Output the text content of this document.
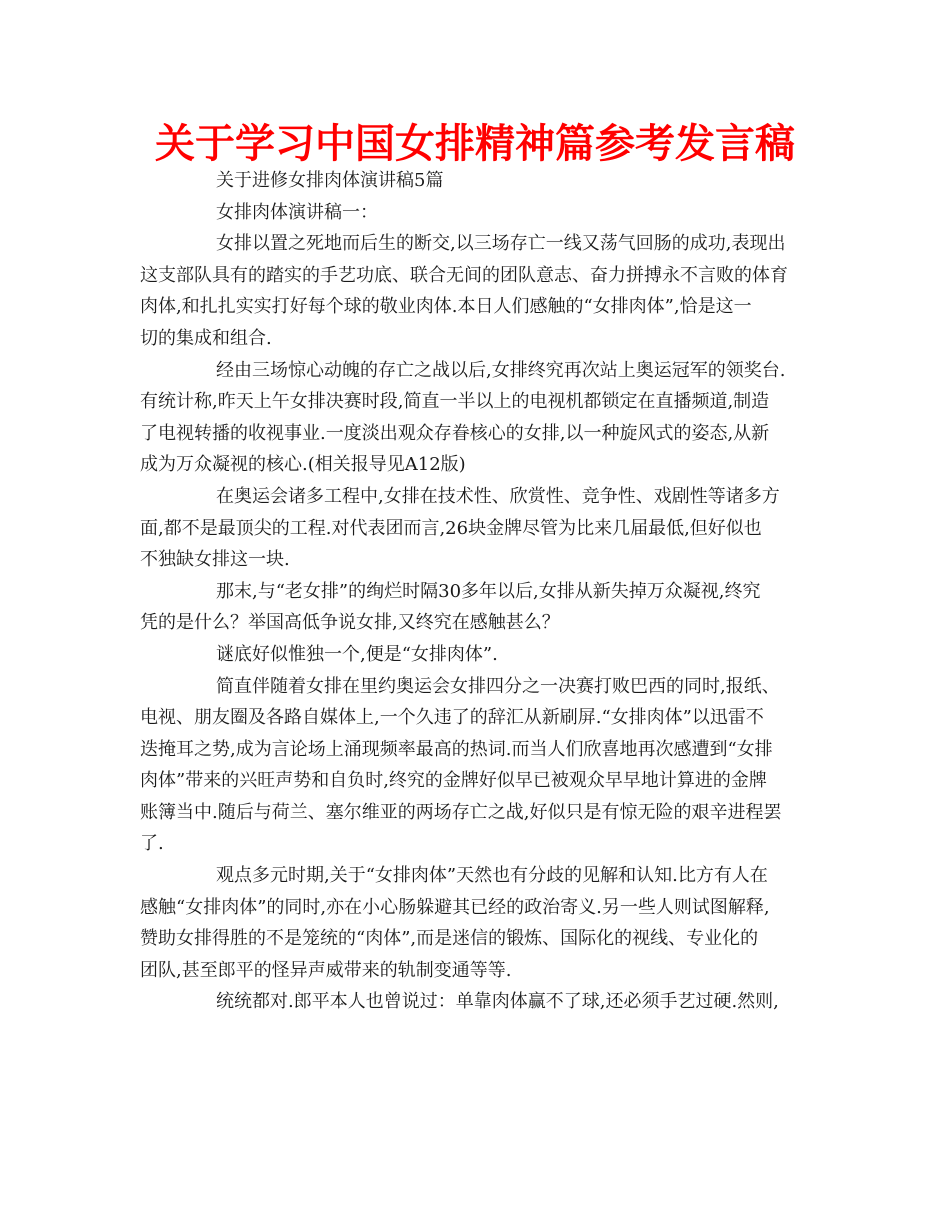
关于学习中国女排精神篇参考发言稿
关于进修女排肉体演讲稿5篇
女排肉体演讲稿一：
女排以置之死地而后生的断交,以三场存亡一线又荡气回肠的成功,表现出
这支部队具有的踏实的手艺功底、联合无间的团队意志、奋力拼搏永不言败的体育
肉体,和扎扎实实打好每个球的敬业肉体.本日人们感触的“女排肉体”,恰是这一
切的集成和组合.
经由三场惊心动魄的存亡之战以后,女排终究再次站上奥运冠军的领奖台.
有统计称,昨天上午女排决赛时段,简直一半以上的电视机都锁定在直播频道,制造
了电视转播的收视事业.一度淡出观众存眷核心的女排,以一种旋风式的姿态,从新
成为万众凝视的核心.(相关报导见A12版)
在奥运会诸多工程中,女排在技术性、欣赏性、竞争性、戏剧性等诸多方
面,都不是最顶尖的工程.对代表团而言,26块金牌尽管为比来几届最低,但好似也
不独缺女排这一块.
那末,与“老女排”的绚烂时隔30多年以后,女排从新失掉万众凝视,终究
凭的是什么？举国高低争说女排,又终究在感触甚么？
谜底好似惟独一个,便是“女排肉体”.
简直伴随着女排在里约奥运会女排四分之一决赛打败巴西的同时,报纸、
电视、朋友圈及各路自媒体上,一个久违了的辞汇从新刷屏.“女排肉体”以迅雷不
迭掩耳之势,成为言论场上涌现频率最高的热词.而当人们欣喜地再次感遭到“女排
肉体”带来的兴旺声势和自负时,终究的金牌好似早已被观众早早地计算进的金牌
账簿当中.随后与荷兰、塞尔维亚的两场存亡之战,好似只是有惊无险的艰辛进程罢
了.
观点多元时期,关于“女排肉体”天然也有分歧的见解和认知.比方有人在
感触“女排肉体”的同时,亦在小心肠躲避其已经的政治寄义.另一些人则试图解释,
赞助女排得胜的不是笼统的“肉体”,而是迷信的锻炼、国际化的视线、专业化的
团队,甚至郎平的怪异声威带来的轨制变通等等.
统统都对.郎平本人也曾说过：单靠肉体赢不了球,还必须手艺过硬.然则,
